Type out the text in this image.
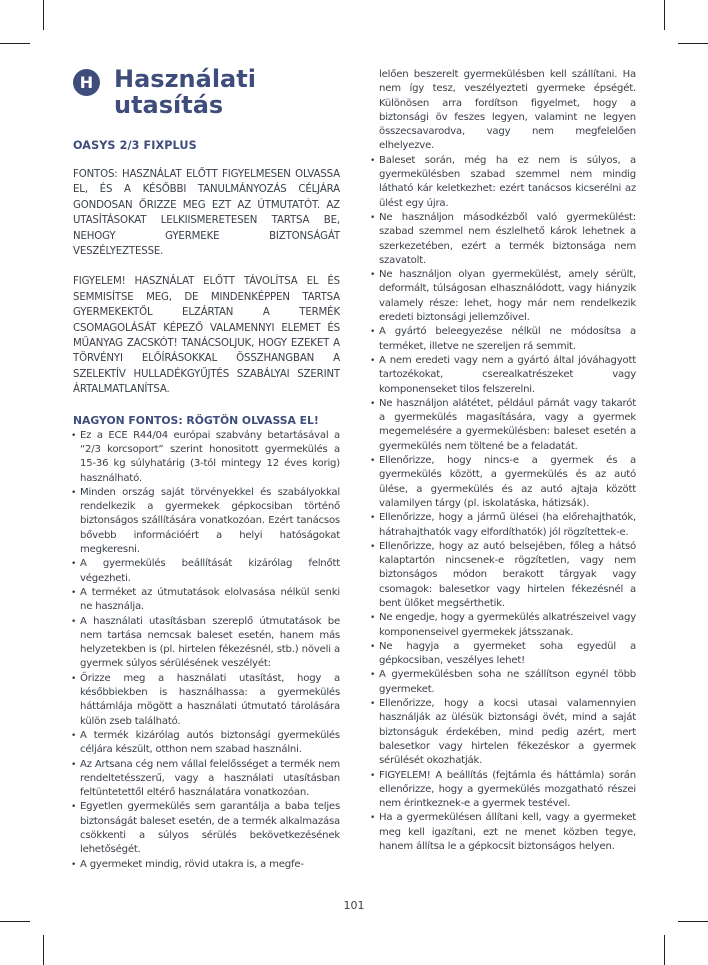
H Használati utasítás

OASYS 2/3 FIXPLUS

FONTOS: HASZNÁLAT ELŐTT FIGYELMESEN OLVASSA EL, ÉS A KÉSŐBBI TANULMÁNYOZÁS CÉLJÁRA GONDOSAN ŐRIZZE MEG EZT AZ ÚTMUTATÓT. AZ UTASÍTÁSOKAT LELKIISMERETESEN TARTSA BE, NEHOGY GYERMEKE BIZTONSÁGÁT VESZÉLYEZTESSE.

FIGYELEM! HASZNÁLAT ELŐTT TÁVOLÍTSA EL ÉS SEMMISÍTSE MEG, DE MINDENKÉPPEN TARTSA GYERMEKEKTŐL ELZÁRTAN A TERMÉK CSOMAGOLÁSÁT KÉPEZŐ VALAMENNYI ELEMET ÉS MŰANYAG ZACSKÓT! TANÁCSOLJUK, HOGY EZEKET A TÖRVÉNYI ELŐÍRÁSOKKAL ÖSSZHANGBAN A SZELEKTÍV HULLADÉKGYŰJTÉS SZABÁLYAI SZERINT ÁRTALMATLANÍTSA.

NAGYON FONTOS: RÖGTÖN OLVASSA EL!

• Ez a ECE R44/04 európai szabvány betartásával a “2/3 korcsoport” szerint honositott gyermekülés a 15-36 kg súlyhatárig (3-tól mintegy 12 éves korig) használható.
• Minden ország saját törvényekkel és szabályokkal rendelkezik a gyermekek gépkocsiban történő biztonságos szállítására vonatkozóan. Ezért tanácsos bővebb információért a helyi hatóságokat megkeresni.
• A gyermekülés beállítását kizárólag felnőtt végezheti.
• A terméket az útmutatások elolvasása nélkül senki ne használja.
• A használati utasításban szereplő útmutatások be nem tartása nemcsak baleset esetén, hanem más helyzetekben is (pl. hirtelen fékezésnél, stb.) növeli a gyermek súlyos sérülésének veszélyét:
• Őrizze meg a használati utasítást, hogy a későbbiekben is használhassa: a gyermekülés háttámlája mögött a használati útmutató tárolására külön zseb található.
• A termék kizárólag autós biztonsági gyermekülés céljára készült, otthon nem szabad használni.
• Az Artsana cég nem vállal felelősséget a termék nem rendeltetésszerű, vagy a használati utasításban feltüntetettől eltérő használatára vonatkozóan.
• Egyetlen gyermekülés sem garantálja a baba teljes biztonságát baleset esetén, de a termék alkalmazása csökkenti a súlyos sérülés bekövetkezésének lehetőségét.
• A gyermeket mindig, rövid utakra is, a megfe-

lelően beszerelt gyermekülésben kell szállítani. Ha nem így tesz, veszélyezteti gyermeke épségét. Különösen arra fordítson figyelmet, hogy a biztonsági öv feszes legyen, valamint ne legyen összecsavarodva, vagy nem megfelelően elhelyezve.

• Baleset során, még ha ez nem is súlyos, a gyermekülésben szabad szemmel nem mindig látható kár keletkezhet: ezért tanácsos kicserélni az ülést egy újra.
• Ne használjon másodkézből való gyermekülést: szabad szemmel nem észlelhető károk lehetnek a szerkezetében, ezért a termék biztonsága nem szavatolt.
• Ne használjon olyan gyermekülést, amely sérült, deformált, túlságosan elhasználódott, vagy hiányzik valamely része: lehet, hogy már nem rendelkezik eredeti biztonsági jellemzőivel.
• A gyártó beleegyezése nélkül ne módosítsa a terméket, illetve ne szereljen rá semmit.
• A nem eredeti vagy nem a gyártó által jóváhagyott tartozékokat, cserealkatrészeket vagy komponenseket tilos felszerelni.
• Ne használjon alátétet, például párnát vagy takarót a gyermekülés magasítására, vagy a gyermek megemelésére a gyermekülésben: baleset esetén a gyermekülés nem töltené be a feladatát.
• Ellenőrizze, hogy nincs-e a gyermek és a gyermekülés között, a gyermekülés és az autó ülése, a gyermekülés és az autó ajtaja között valamilyen tárgy (pl. iskolatáska, hátizsák).
• Ellenőrizze, hogy a jármű ülései (ha előrehajthatók, hátrahajthatók vagy elfordíthatók) jól rögzítettek-e.
• Ellenőrizze, hogy az autó belsejében, főleg a hátsó kalaptartón nincsenek-e rögzítetlen, vagy nem biztonságos módon berakott tárgyak vagy csomagok: balesetkor vagy hirtelen fékezésnél a bent ülőket megsérthetik.
• Ne engedje, hogy a gyermekülés alkatrészeivel vagy komponenseivel gyermekek játsszanak.
• Ne hagyja a gyermeket soha egyedül a gépkocsiban, veszélyes lehet!
• A gyermekülésben soha ne szállítson egynél több gyermeket.
• Ellenőrizze, hogy a kocsi utasai valamennyien használják az ülésük biztonsági övét, mind a saját biztonságuk érdekében, mind pedig azért, mert balesetkor vagy hirtelen fékezéskor a gyermek sérülését okozhatják.
• FIGYELEM! A beállítás (fejtámla és háttámla) során ellenőrizze, hogy a gyermekülés mozgatható részei nem érintkeznek-e a gyermek testével.
• Ha a gyermekülésen állítani kell, vagy a gyermeket meg kell igazítani, ezt ne menet közben tegye, hanem állítsa le a gépkocsit biztonságos helyen.
101
